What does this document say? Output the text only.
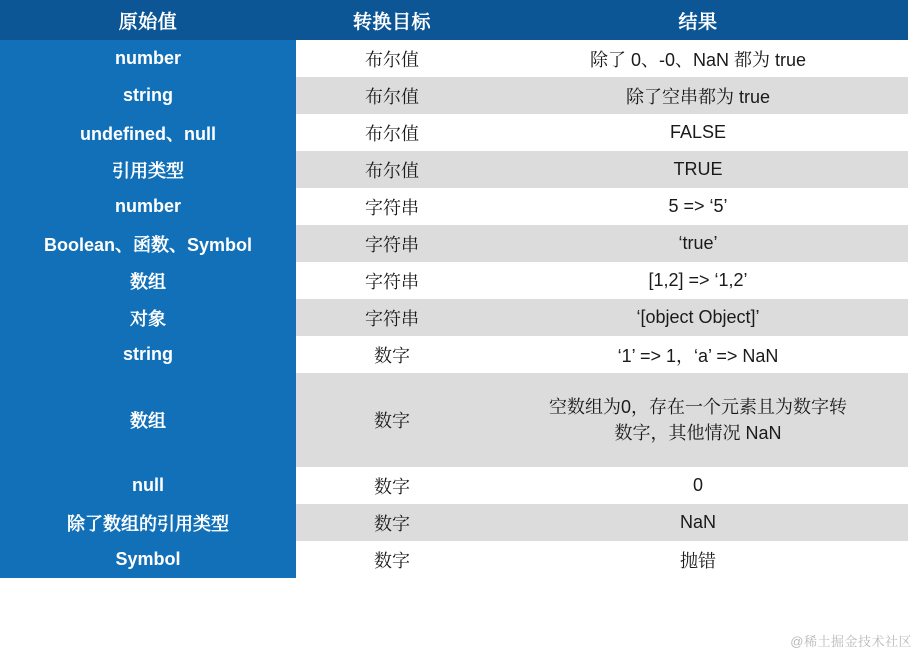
原始值	转换目标	结果
number	布尔值	除了 0、-0、NaN 都为 true
string	布尔值	除了空串都为 true
undefined、null	布尔值	FALSE
引用类型	布尔值	TRUE
number	字符串	5 => ‘5’
Boolean、函数、Symbol	字符串	‘true’
数组	字符串	[1,2] => ‘1,2’
对象	字符串	‘[object Object]’
string	数字	‘1’ => 1，‘a’ => NaN
数组	数字	空数组为0，存在一个元素且为数字转数字，其他情况 NaN

null	数字	0
除了数组的引用类型	数字	NaN
Symbol	数字	抛错
@稀土掘金技术社区
